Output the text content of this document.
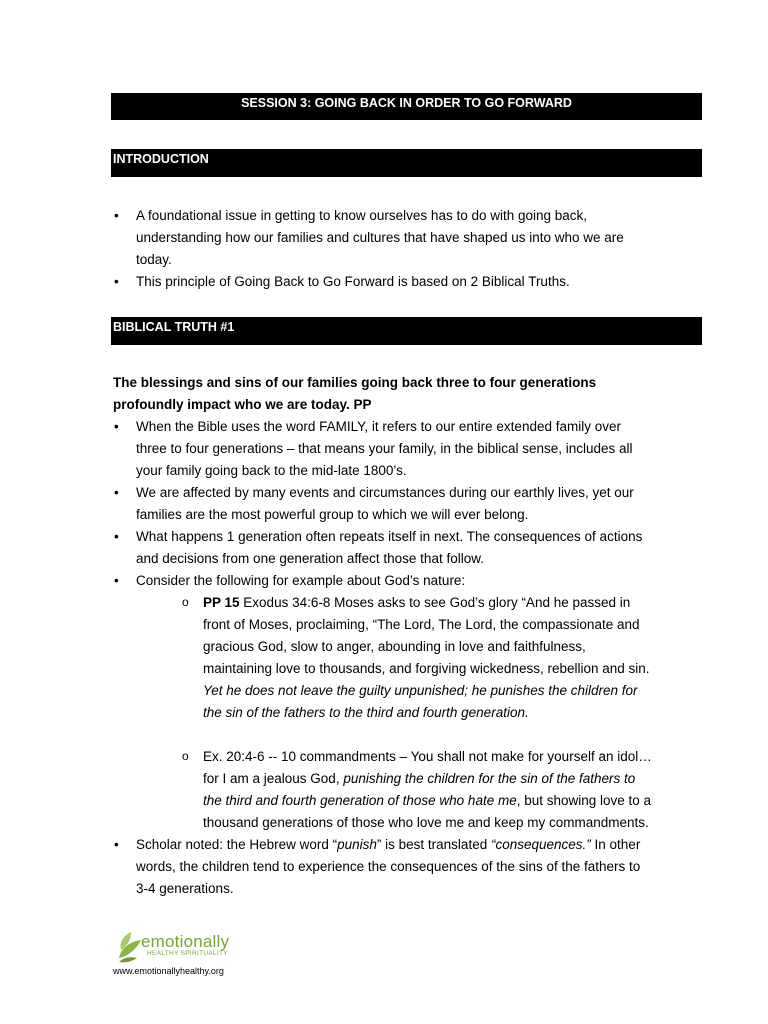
SESSION 3: GOING BACK IN ORDER TO GO FORWARD
INTRODUCTION
• A foundational issue in getting to know ourselves has to do with going back, understanding how our families and cultures that have shaped us into who we are today.
• This principle of Going Back to Go Forward is based on 2 Biblical Truths.
BIBLICAL TRUTH #1
The blessings and sins of our families going back three to four generations profoundly impact who we are today. PP
• When the Bible uses the word FAMILY, it refers to our entire extended family over three to four generations – that means your family, in the biblical sense, includes all your family going back to the mid-late 1800’s.
• We are affected by many events and circumstances during our earthly lives, yet our families are the most powerful group to which we will ever belong.
• What happens 1 generation often repeats itself in next. The consequences of actions and decisions from one generation affect those that follow.
• Consider the following for example about God’s nature:
o PP 15 Exodus 34:6-8 Moses asks to see God’s glory “And he passed in front of Moses, proclaiming, “The Lord, The Lord, the compassionate and gracious God, slow to anger, abounding in love and faithfulness, maintaining love to thousands, and forgiving wickedness, rebellion and sin. Yet he does not leave the guilty unpunished; he punishes the children for the sin of the fathers to the third and fourth generation.
o Ex. 20:4-6 -- 10 commandments – You shall not make for yourself an idol… for I am a jealous God, punishing the children for the sin of the fathers to the third and fourth generation of those who hate me, but showing love to a thousand generations of those who love me and keep my commandments.
• Scholar noted: the Hebrew word “punish” is best translated “consequences.” In other words, the children tend to experience the consequences of the sins of the fathers to 3-4 generations.
emotionally
HEALTHY SPIRITUALITY
www.emotionallyhealthy.org
